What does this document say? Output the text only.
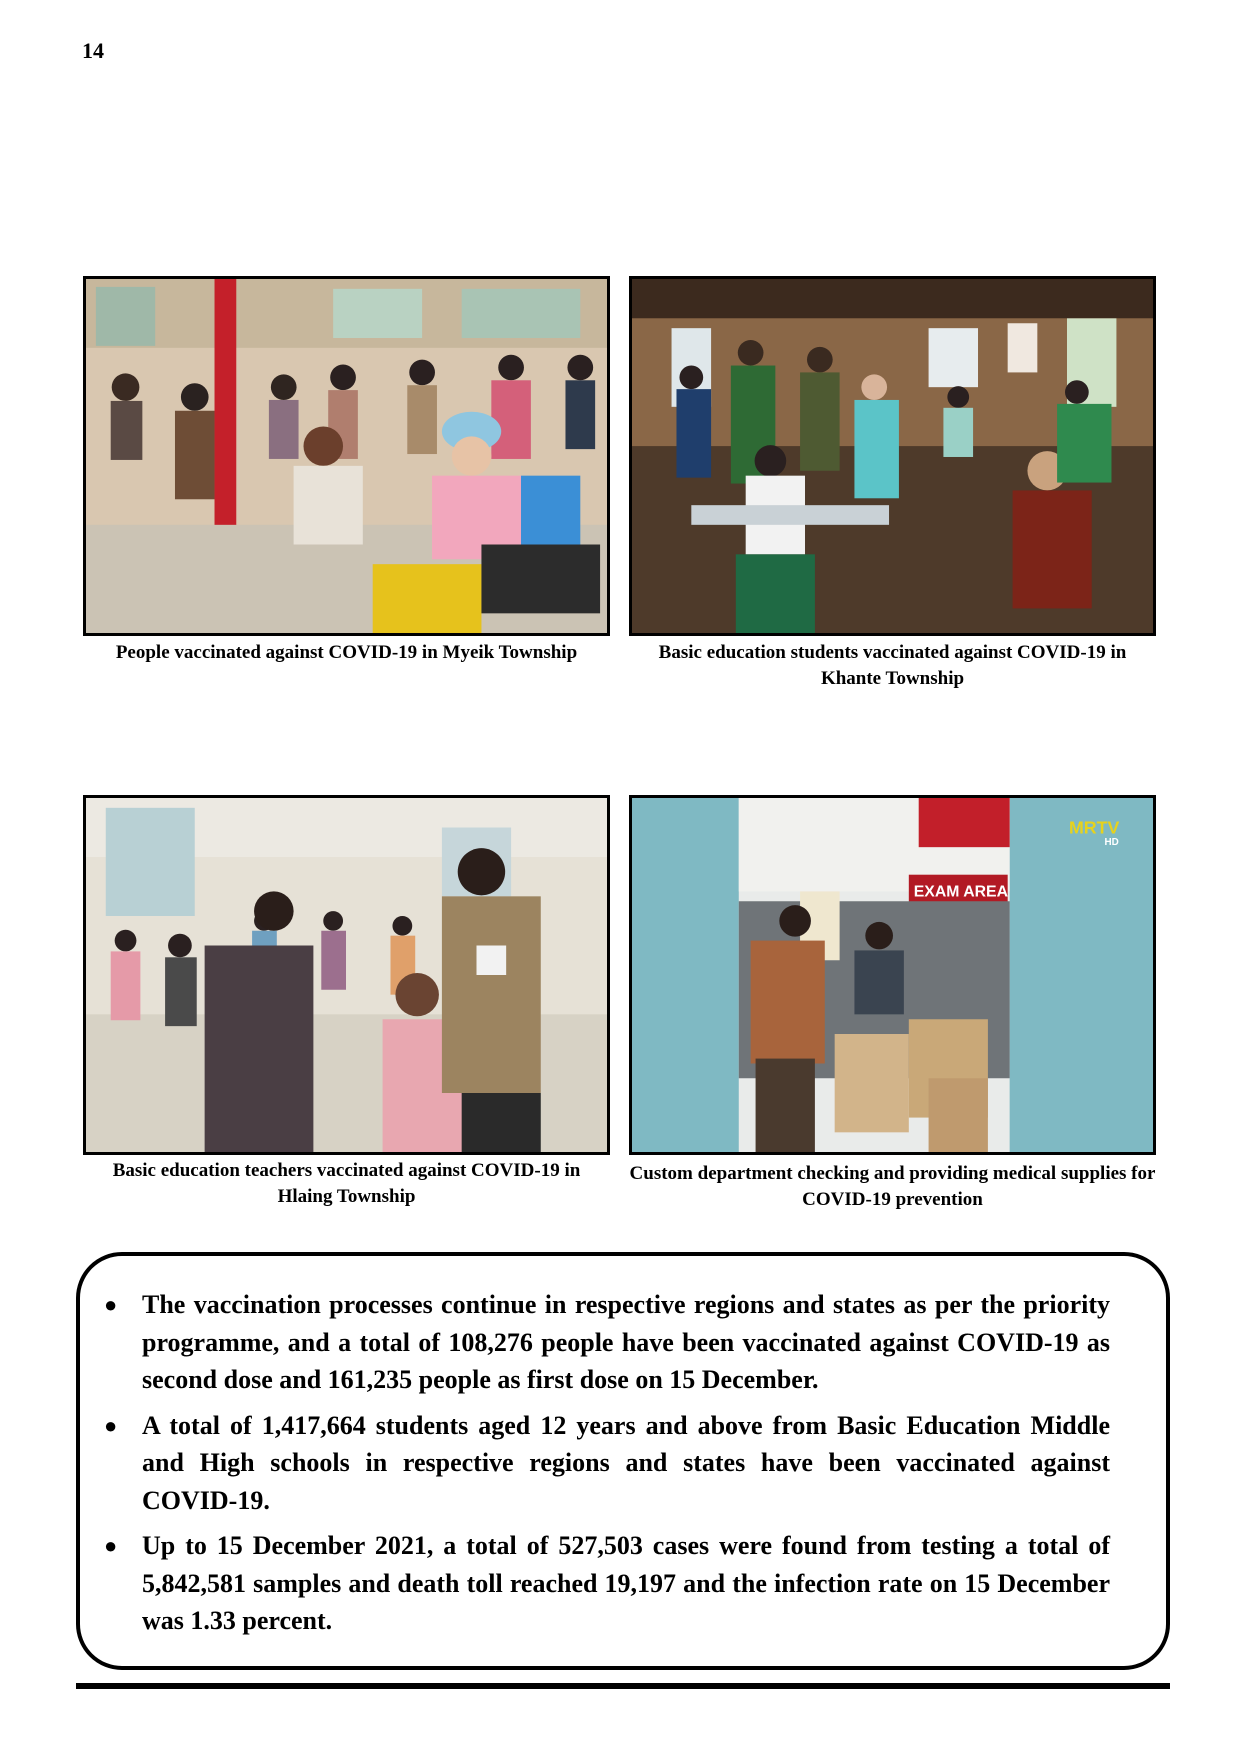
14
People vaccinated against COVID-19 in Myeik Township	Basic education students vaccinated against COVID-19 in Khante Township
Basic education teachers vaccinated against COVID-19 in Hlaing Township
EXAM AREA
MRTV
HD
Custom department checking and providing medical supplies for COVID-19 prevention
● The vaccination processes continue in respective regions and states as per the priority programme, and a total of 108,276 people have been vaccinated against COVID-19 as second dose and 161,235 people as first dose on 15 December.
● A total of 1,417,664 students aged 12 years and above from Basic Education Middle and High schools in respective regions and states have been vaccinated against COVID-19.
● Up to 15 December 2021, a total of 527,503 cases were found from testing a total of 5,842,581 samples and death toll reached 19,197 and the infection rate on 15 December was 1.33 percent.
